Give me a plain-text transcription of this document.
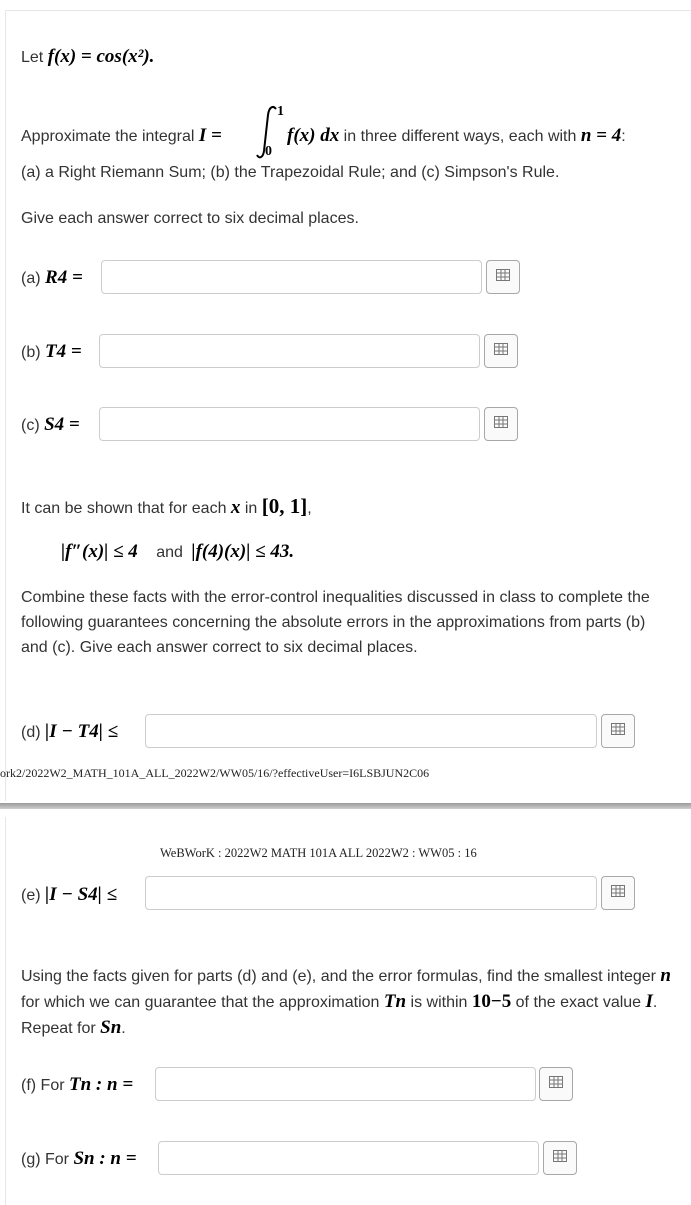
Let f(x) = cos(x²).
Approximate the integral I =
1
0
f(x) dx in three different ways, each with n = 4:
(a) a Right Riemann Sum; (b) the Trapezoidal Rule; and (c) Simpson's Rule.
Give each answer correct to six decimal places.
(a) R4 =
(b) T4 =
(c) S4 =
It can be shown that for each x in [0, 1],
|f″(x)| ≤ 4 and |f(4)(x)| ≤ 43.
Combine these facts with the error-control inequalities discussed in class to complete the following guarantees concerning the absolute errors in the approximations from parts (b) and (c). Give each answer correct to six decimal places.
(d) |I − T4| ≤
ork2/2022W2_MATH_101A_ALL_2022W2/WW05/16/?effectiveUser=I6LSBJUN2C06
WeBWorK : 2022W2 MATH 101A ALL 2022W2 : WW05 : 16
(e) |I − S4| ≤
Using the facts given for parts (d) and (e), and the error formulas, find the smallest integer n for which we can guarantee that the approximation Tn is within 10−5 of the exact value I. Repeat for Sn.
(f) For Tn : n =
(g) For Sn : n =
